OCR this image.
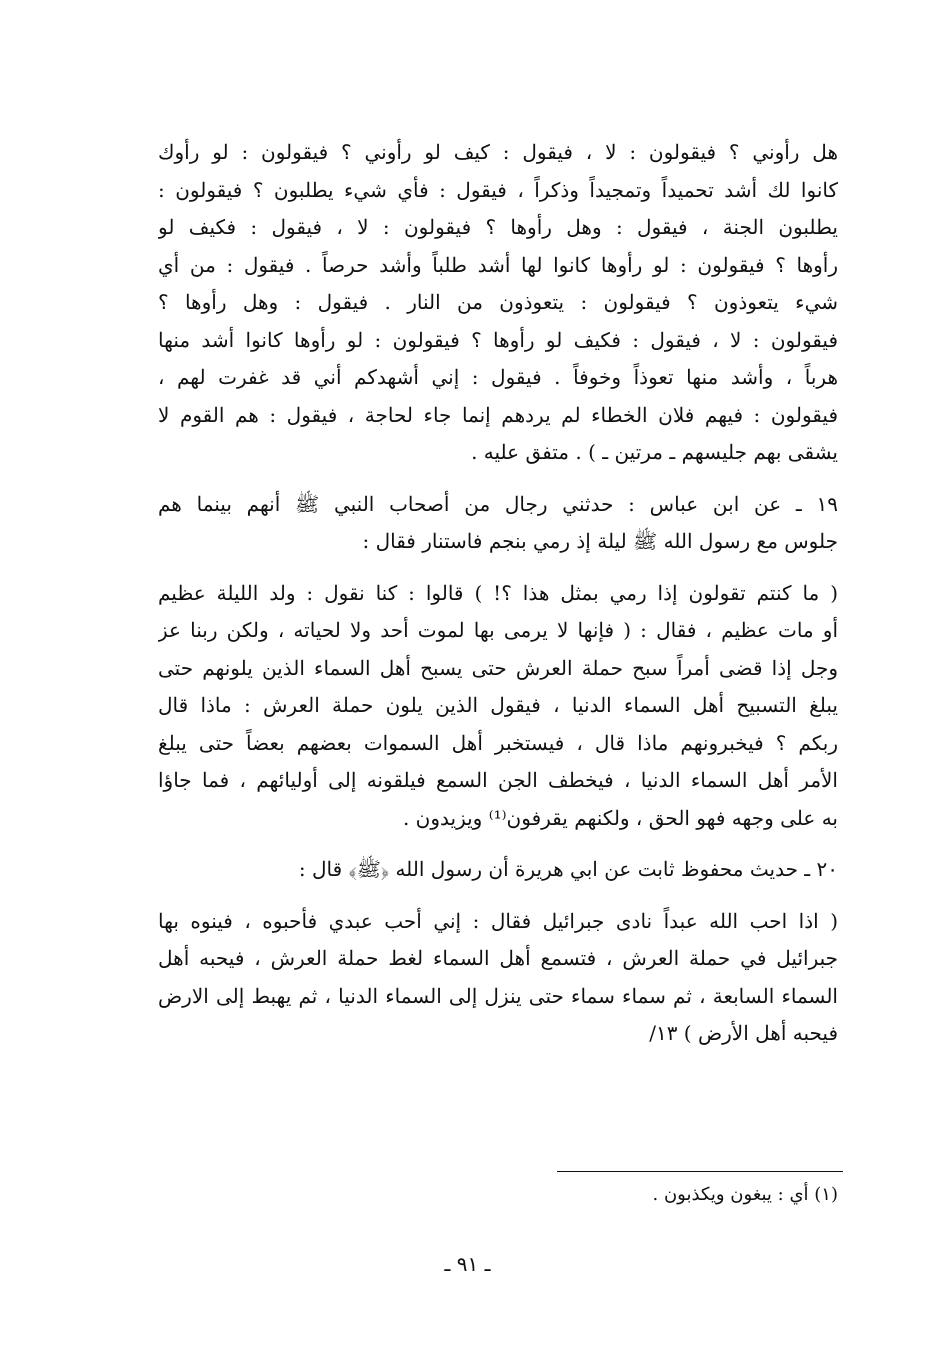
هل رأوني ؟ فيقولون : لا ، فيقول : كيف لو رأوني ؟ فيقولون : لو رأوك
كانوا لك أشد تحميداً وتمجيداً وذكراً ، فيقول : فأي شيء يطلبون ؟ فيقولون :
يطلبون الجنة ، فيقول : وهل رأوها ؟ فيقولون : لا ، فيقول : فكيف لو
رأوها ؟ فيقولون : لو رأوها كانوا لها أشد طلباً وأشد حرصاً . فيقول : من أي
شيء يتعوذون ؟ فيقولون : يتعوذون من النار . فيقول : وهل رأوها ؟
فيقولون : لا ، فيقول : فكيف لو رأوها ؟ فيقولون : لو رأوها كانوا أشد منها
هرباً ، وأشد منها تعوذاً وخوفاً . فيقول : إني أشهدكم أني قد غفرت لهم ،
فيقولون : فيهم فلان الخطاء لم يردهم إنما جاء لحاجة ، فيقول : هم القوم لا
يشقى بهم جليسهم ـ مرتين ـ ) . متفق عليه .

١٩ ـ عن ابن عباس : حدثني رجال من أصحاب النبي ﷺ أنهم بينما هم
جلوس مع رسول الله ﷺ ليلة إذ رمي بنجم فاستنار فقال :

( ما كنتم تقولون إذا رمي بمثل هذا ؟! ) قالوا : كنا نقول : ولد الليلة عظيم
أو مات عظيم ، فقال : ( فإنها لا يرمى بها لموت أحد ولا لحياته ، ولكن ربنا عز
وجل إذا قضى أمراً سبح حملة العرش حتى يسبح أهل السماء الذين يلونهم حتى
يبلغ التسبيح أهل السماء الدنيا ، فيقول الذين يلون حملة العرش : ماذا قال
ربكم ؟ فيخبرونهم ماذا قال ، فيستخبر أهل السموات بعضهم بعضاً حتى يبلغ
الأمر أهل السماء الدنيا ، فيخطف الجن السمع فيلقونه إلى أوليائهم ، فما جاؤا
به على وجهه فهو الحق ، ولكنهم يقرفون⁽¹⁾ ويزيدون .

٢٠ ـ حديث محفوظ ثابت عن ابي هريرة أن رسول الله ﴿ﷺ﴾ قال :

( اذا احب الله عبداً نادى جبرائيل فقال : إني أحب عبدي فأحبوه ، فينوه بها
جبرائيل في حملة العرش ، فتسمع أهل السماء لغط حملة العرش ، فيحبه أهل
السماء السابعة ، ثم سماء سماء حتى ينزل إلى السماء الدنيا ، ثم يهبط إلى الارض
فيحبه أهل الأرض ) ١٣/

(١) أي : يبغون ويكذبون .
ـ ٩١ ـ
